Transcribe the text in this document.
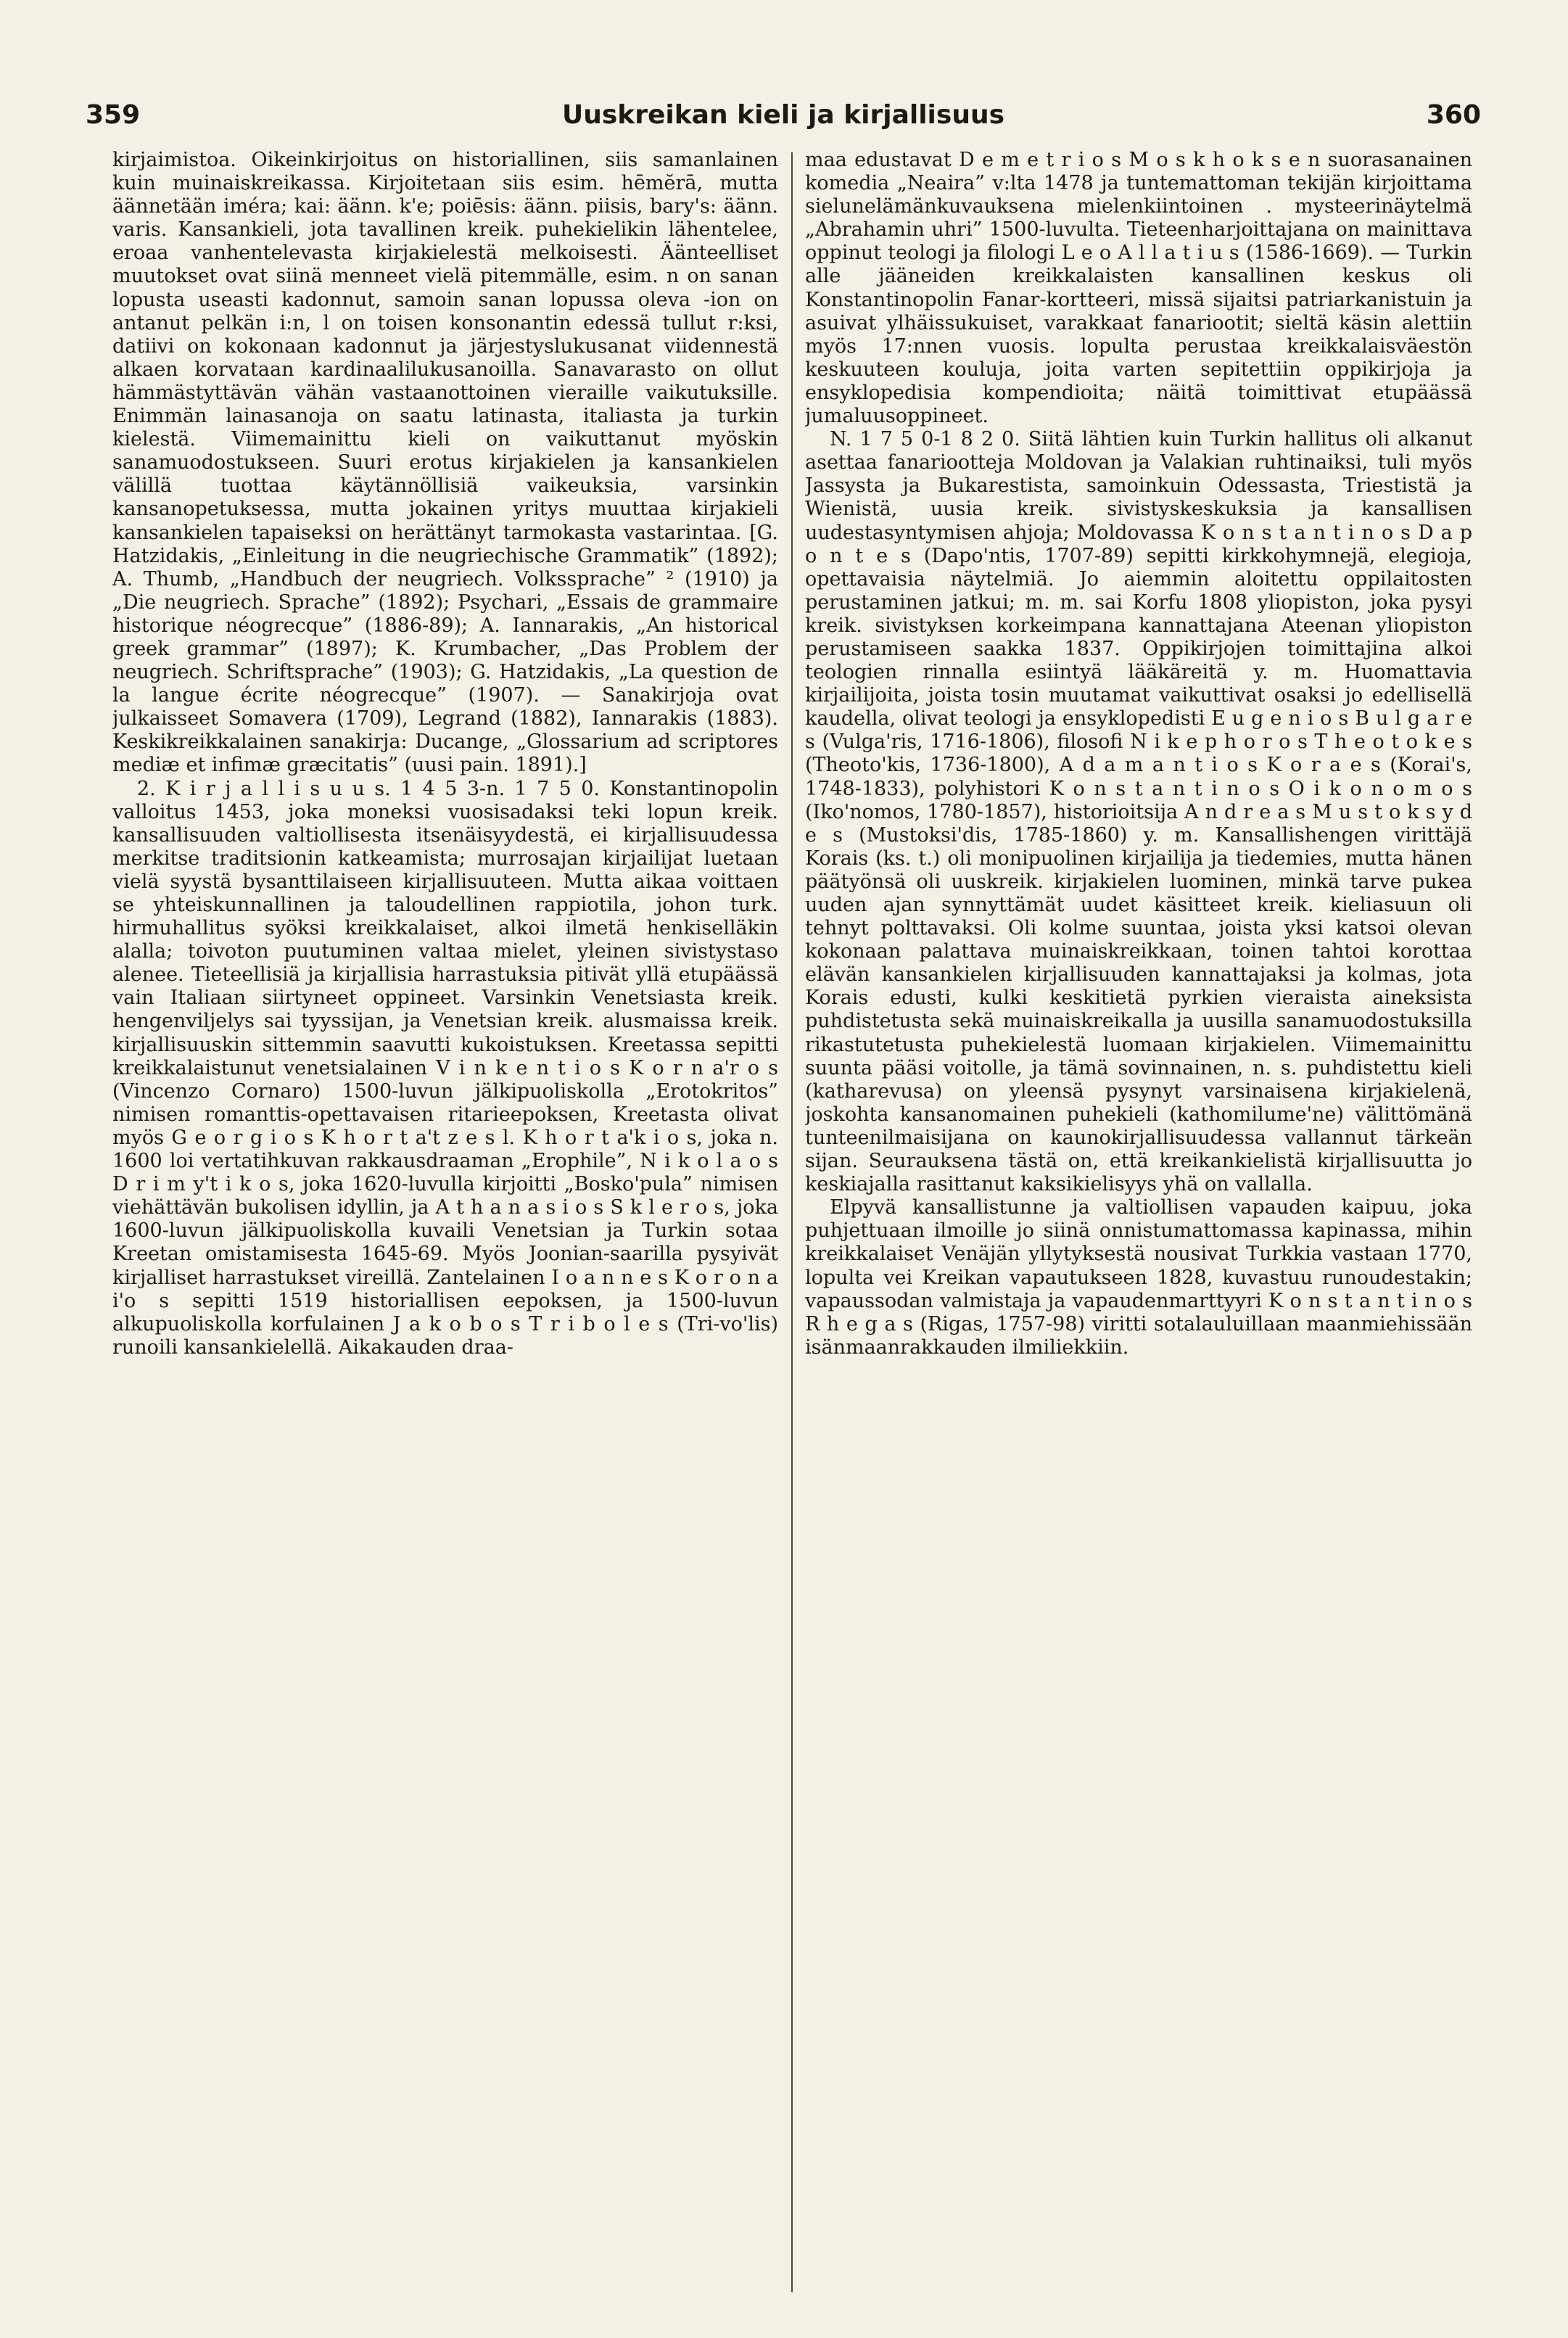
359	Uuskreikan kieli ja kirjallisuus	360

kirjaimistoa. Oikeinkirjoitus on historiallinen, siis samanlainen kuin muinaiskreikassa. Kirjoitetaan siis esim. hēmĕrā, mutta äännetään iméra; kai: äänn. k'e; poiēsis: äänn. piisis, bary's: äänn. varis. Kansankieli, jota tavallinen kreik. puhekielikin lähentelee, eroaa vanhentelevasta kirjakielestä melkoisesti. Äänteelliset muutokset ovat siinä menneet vielä pitemmälle, esim. n on sanan lopusta useasti kadonnut, samoin sanan lopussa oleva -ion on antanut pelkän i:n, l on toisen konsonantin edessä tullut r:ksi, datiivi on kokonaan kadonnut ja järjestyslukusanat viidennestä alkaen korvataan kardinaalilukusanoilla. Sanavarasto on ollut hämmästyttävän vähän vastaanottoinen vieraille vaikutuksille. Enimmän lainasanoja on saatu latinasta, italiasta ja turkin kielestä. Viimemainittu kieli on vaikuttanut myöskin sanamuodostukseen. Suuri erotus kirjakielen ja kansankielen välillä tuottaa käytännöllisiä vaikeuksia, varsinkin kansanopetuksessa, mutta jokainen yritys muuttaa kirjakieli kansankielen tapaiseksi on herättänyt tarmokasta vastarintaa. [G. Hatzidakis, „Einleitung in die neugriechische Grammatik” (1892); A. Thumb, „Handbuch der neugriech. Volkssprache” ² (1910) ja „Die neugriech. Sprache” (1892); Psychari, „Essais de grammaire historique néogrecque” (1886-89); A. Iannarakis, „An historical greek grammar” (1897); K. Krumbacher, „Das Problem der neugriech. Schriftsprache” (1903); G. Hatzidakis, „La question de la langue écrite néogrecque” (1907). — Sanakirjoja ovat julkaisseet Somavera (1709), Legrand (1882), Iannarakis (1883). Keskikreikkalainen sanakirja: Ducange, „Glossarium ad scriptores mediæ et infimæ græcitatis” (uusi pain. 1891).]

2. K i r j a l l i s u u s. 1 4 5 3-n. 1 7 5 0. Konstantinopolin valloitus 1453, joka moneksi vuosisadaksi teki lopun kreik. kansallisuuden valtiollisesta itsenäisyydestä, ei kirjallisuudessa merkitse traditsionin katkeamista; murrosajan kirjailijat luetaan vielä syystä bysanttilaiseen kirjallisuuteen. Mutta aikaa voittaen se yhteiskunnallinen ja taloudellinen rappiotila, johon turk. hirmuhallitus syöksi kreikkalaiset, alkoi ilmetä henkiselläkin alalla; toivoton puutuminen valtaa mielet, yleinen sivistystaso alenee. Tieteellisiä ja kirjallisia harrastuksia pitivät yllä etupäässä vain Italiaan siirtyneet oppineet. Varsinkin Venetsiasta kreik. hengenviljelys sai tyyssijan, ja Venetsian kreik. alusmaissa kreik. kirjallisuuskin sittemmin saavutti kukoistuksen. Kreetassa sepitti kreikkalaistunut venetsialainen V i n k e n t i o s K o r n a'r o s (Vincenzo Cornaro) 1500-luvun jälkipuoliskolla „Erotokritos” nimisen romanttis-opettavaisen ritarieepoksen, Kreetasta olivat myös G e o r g i o s K h o r t a't z e s l. K h o r t a'k i o s, joka n. 1600 loi vertatihkuvan rakkausdraaman „Erophile”, N i k o l a o s D r i m y't i k o s, joka 1620-luvulla kirjoitti „Bosko'pula” nimisen viehättävän bukolisen idyllin, ja A t h a n a s i o s S k l e r o s, joka 1600-luvun jälkipuoliskolla kuvaili Venetsian ja Turkin sotaa Kreetan omistamisesta 1645-69. Myös Joonian-saarilla pysyivät kirjalliset harrastukset vireillä. Zantelainen I o a n n e s K o r o n a i'o s sepitti 1519 historiallisen eepoksen, ja 1500-luvun alkupuoliskolla korfulainen J a k o b o s T r i b o l e s (Tri-vo'lis) runoili kansankielellä. Aikakauden draa-

maa edustavat D e m e t r i o s M o s k h o k s e n suorasanainen komedia „Neaira” v:lta 1478 ja tuntemattoman tekijän kirjoittama sielunelämänkuvauksena mielenkiintoinen . mysteerinäytelmä „Abrahamin uhri” 1500-luvulta. Tieteenharjoittajana on mainittava oppinut teologi ja filologi L e o A l l a t i u s (1586-1669). — Turkin alle jääneiden kreikkalaisten kansallinen keskus oli Konstantinopolin Fanar-kortteeri, missä sijaitsi patriarkanistuin ja asuivat ylhäissukuiset, varakkaat fanariootit; sieltä käsin alettiin myös 17:nnen vuosis. lopulta perustaa kreikkalaisväestön keskuuteen kouluja, joita varten sepitettiin oppikirjoja ja ensyklopedisia kompendioita; näitä toimittivat etupäässä jumaluusoppineet.

N. 1 7 5 0-1 8 2 0. Siitä lähtien kuin Turkin hallitus oli alkanut asettaa fanariootteja Moldovan ja Valakian ruhtinaiksi, tuli myös Jassysta ja Bukarestista, samoinkuin Odessasta, Triestistä ja Wienistä, uusia kreik. sivistyskeskuksia ja kansallisen uudestasyntymisen ahjoja; Moldovassa K o n s t a n t i n o s D a p o n t e s (Dapo'ntis, 1707-89) sepitti kirkkohymnejä, elegioja, opettavaisia näytelmiä. Jo aiemmin aloitettu oppilaitosten perustaminen jatkui; m. m. sai Korfu 1808 yliopiston, joka pysyi kreik. sivistyksen korkeimpana kannattajana Ateenan yliopiston perustamiseen saakka 1837. Oppikirjojen toimittajina alkoi teologien rinnalla esiintyä lääkäreitä y. m. Huomattavia kirjailijoita, joista tosin muutamat vaikuttivat osaksi jo edellisellä kaudella, olivat teologi ja ensyklopedisti E u g e n i o s B u l g a r e s (Vulga'ris, 1716-1806), filosofi N i k e p h o r o s T h e o t o k e s (Theoto'kis, 1736-1800), A d a m a n t i o s K o r a e s (Korai's, 1748-1833), polyhistori K o n s t a n t i n o s O i k o n o m o s (Iko'nomos, 1780-1857), historioitsija A n d r e a s M u s t o k s y d e s (Mustoksi'dis, 1785-1860) y. m. Kansallishengen virittäjä Korais (ks. t.) oli monipuolinen kirjailija ja tiedemies, mutta hänen päätyönsä oli uuskreik. kirjakielen luominen, minkä tarve pukea uuden ajan synnyttämät uudet käsitteet kreik. kieliasuun oli tehnyt polttavaksi. Oli kolme suuntaa, joista yksi katsoi olevan kokonaan palattava muinaiskreikkaan, toinen tahtoi korottaa elävän kansankielen kirjallisuuden kannattajaksi ja kolmas, jota Korais edusti, kulki keskitietä pyrkien vieraista aineksista puhdistetusta sekä muinaiskreikalla ja uusilla sanamuodostuksilla rikastutetusta puhekielestä luomaan kirjakielen. Viimemainittu suunta pääsi voitolle, ja tämä sovinnainen, n. s. puhdistettu kieli (katharevusa) on yleensä pysynyt varsinaisena kirjakielenä, joskohta kansanomainen puhekieli (kathomilume'ne) välittömänä tunteenilmaisijana on kaunokirjallisuudessa vallannut tärkeän sijan. Seurauksena tästä on, että kreikankielistä kirjallisuutta jo keskiajalla rasittanut kaksikielisyys yhä on vallalla.

Elpyvä kansallistunne ja valtiollisen vapauden kaipuu, joka puhjettuaan ilmoille jo siinä onnistumattomassa kapinassa, mihin kreikkalaiset Venäjän yllytyksestä nousivat Turkkia vastaan 1770, lopulta vei Kreikan vapautukseen 1828, kuvastuu runoudestakin; vapaussodan valmistaja ja vapaudenmarttyyri K o n s t a n t i n o s R h e g a s (Rigas, 1757-98) viritti sotalauluillaan maanmiehissään isänmaanrakkauden ilmiliekkiin.
